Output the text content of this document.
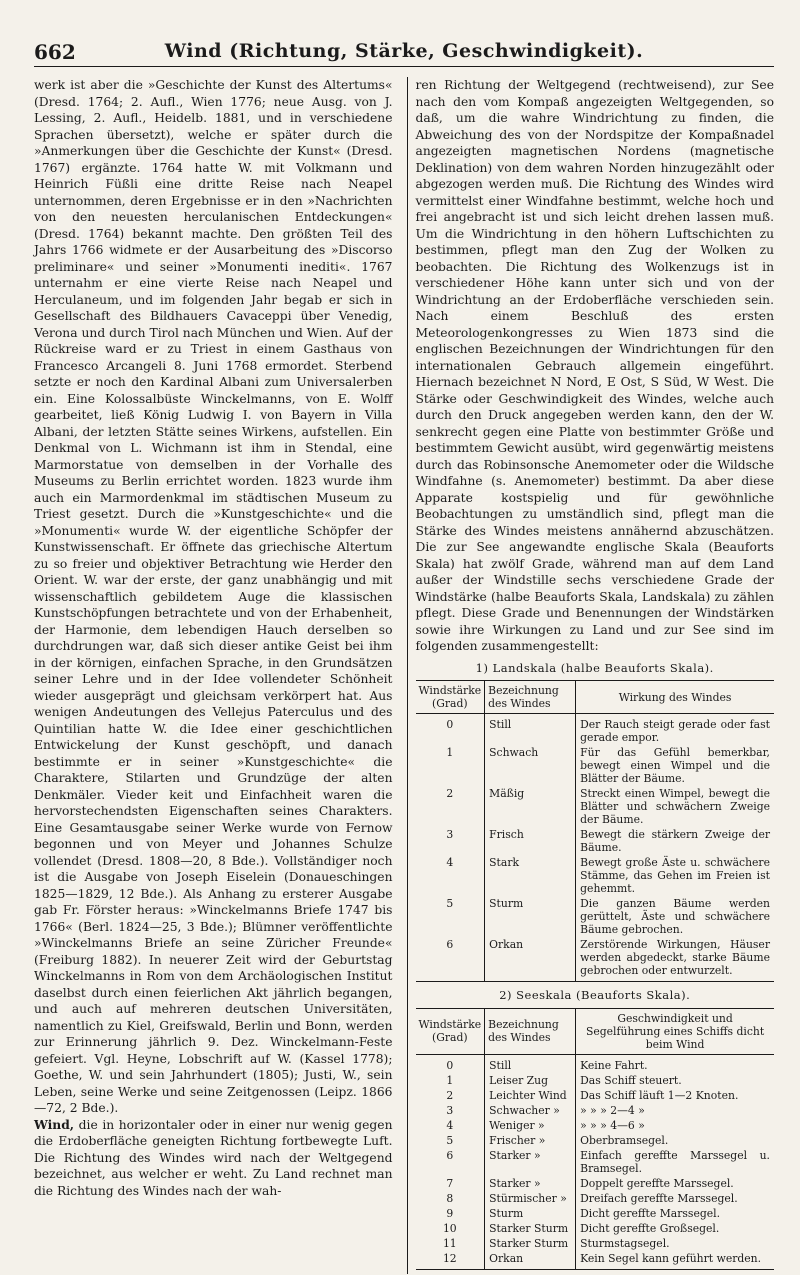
662	Wind (Richtung, Stärke, Geschwindigkeit).

werk ist aber die »Geschichte der Kunst des Altertums« (Dresd. 1764; 2. Aufl., Wien 1776; neue Ausg. von J. Lessing, 2. Aufl., Heidelb. 1881, und in verschiedene Sprachen übersetzt), welche er später durch die »Anmerkungen über die Geschichte der Kunst« (Dresd. 1767) ergänzte. 1764 hatte W. mit Volkmann und Heinrich Füßli eine dritte Reise nach Neapel unternommen, deren Ergebnisse er in den »Nachrichten von den neuesten herculanischen Entdeckungen« (Dresd. 1764) bekannt machte. Den größten Teil des Jahrs 1766 widmete er der Ausarbeitung des »Discorso preliminare« und seiner »Monumenti inediti«. 1767 unternahm er eine vierte Reise nach Neapel und Herculaneum, und im folgenden Jahr begab er sich in Gesellschaft des Bildhauers Cavaceppi über Venedig, Verona und durch Tirol nach München und Wien. Auf der Rückreise ward er zu Triest in einem Gasthaus von Francesco Arcangeli 8. Juni 1768 ermordet. Sterbend setzte er noch den Kardinal Albani zum Universalerben ein. Eine Kolossalbüste Winckelmanns, von E. Wolff gearbeitet, ließ König Ludwig I. von Bayern in Villa Albani, der letzten Stätte seines Wirkens, aufstellen. Ein Denkmal von L. Wichmann ist ihm in Stendal, eine Marmorstatue von demselben in der Vorhalle des Museums zu Berlin errichtet worden. 1823 wurde ihm auch ein Marmordenkmal im städtischen Museum zu Triest gesetzt. Durch die »Kunstgeschichte« und die »Monumenti« wurde W. der eigentliche Schöpfer der Kunstwissenschaft. Er öffnete das griechische Altertum zu so freier und objektiver Betrachtung wie Herder den Orient. W. war der erste, der ganz unabhängig und mit wissenschaftlich gebildetem Auge die klassischen Kunstschöpfungen betrachtete und von der Erhabenheit, der Harmonie, dem lebendigen Hauch derselben so durchdrungen war, daß sich dieser antike Geist bei ihm in der körnigen, einfachen Sprache, in den Grundsätzen seiner Lehre und in der Idee vollendeter Schönheit wieder ausgeprägt und gleichsam verkörpert hat. Aus wenigen Andeutungen des Vellejus Paterculus und des Quintilian hatte W. die Idee einer geschichtlichen Entwickelung der Kunst geschöpft, und danach bestimmte er in seiner »Kunstgeschichte« die Charaktere, Stilarten und Grundzüge der alten Denkmäler. Vieder keit und Einfachheit waren die hervorstechendsten Eigenschaften seines Charakters. Eine Gesamtausgabe seiner Werke wurde von Fernow begonnen und von Meyer und Johannes Schulze vollendet (Dresd. 1808—20, 8 Bde.). Vollständiger noch ist die Ausgabe von Joseph Eiselein (Donaueschingen 1825—1829, 12 Bde.). Als Anhang zu ersterer Ausgabe gab Fr. Förster heraus: »Winckelmanns Briefe 1747 bis 1766« (Berl. 1824—25, 3 Bde.); Blümner veröffentlichte »Winckelmanns Briefe an seine Züricher Freunde« (Freiburg 1882). In neuerer Zeit wird der Geburtstag Winckelmanns in Rom von dem Archäologischen Institut daselbst durch einen feierlichen Akt jährlich begangen, und auch auf mehreren deutschen Universitäten, namentlich zu Kiel, Greifswald, Berlin und Bonn, werden zur Erinnerung jährlich 9. Dez. Winckelmann-Feste gefeiert. Vgl. Heyne, Lobschrift auf W. (Kassel 1778); Goethe, W. und sein Jahrhundert (1805); Justi, W., sein Leben, seine Werke und seine Zeitgenossen (Leipz. 1866—72, 2 Bde.).

Wind, die in horizontaler oder in einer nur wenig gegen die Erdoberfläche geneigten Richtung fortbewegte Luft. Die Richtung des Windes wird nach der Weltgegend bezeichnet, aus welcher er weht. Zu Land rechnet man die Richtung des Windes nach der wah-

ren Richtung der Weltgegend (rechtweisend), zur See nach den vom Kompaß angezeigten Weltgegenden, so daß, um die wahre Windrichtung zu finden, die Abweichung des von der Nordspitze der Kompaßnadel angezeigten magnetischen Nordens (magnetische Deklination) von dem wahren Norden hinzugezählt oder abgezogen werden muß. Die Richtung des Windes wird vermittelst einer Windfahne bestimmt, welche hoch und frei angebracht ist und sich leicht drehen lassen muß. Um die Windrichtung in den höhern Luftschichten zu bestimmen, pflegt man den Zug der Wolken zu beobachten. Die Richtung des Wolkenzugs ist in verschiedener Höhe kann unter sich und von der Windrichtung an der Erdoberfläche verschieden sein. Nach einem Beschluß des ersten Meteorologenkongresses zu Wien 1873 sind die englischen Bezeichnungen der Windrichtungen für den internationalen Gebrauch allgemein eingeführt. Hiernach bezeichnet N Nord, E Ost, S Süd, W West. Die Stärke oder Geschwindigkeit des Windes, welche auch durch den Druck angegeben werden kann, den der W. senkrecht gegen eine Platte von bestimmter Größe und bestimmtem Gewicht ausübt, wird gegenwärtig meistens durch das Robinsonsche Anemometer oder die Wildsche Windfahne (s. Anemometer) bestimmt. Da aber diese Apparate kostspielig und für gewöhnliche Beobachtungen zu umständlich sind, pflegt man die Stärke des Windes meistens annähernd abzuschätzen. Die zur See angewandte englische Skala (Beauforts Skala) hat zwölf Grade, während man auf dem Land außer der Windstille sechs verschiedene Grade der Windstärke (halbe Beauforts Skala, Landskala) zu zählen pflegt. Diese Grade und Benennungen der Windstärken sowie ihre Wirkungen zu Land und zur See sind im folgenden zusammengestellt:

1) Landskala (halbe Beauforts Skala).
Windstärke (Grad)	Bezeichnung des Windes	Wirkung des Windes
0	Still	Der Rauch steigt gerade oder fast gerade empor.
1	Schwach	Für das Gefühl bemerkbar, bewegt einen Wimpel und die Blätter der Bäume.
2	Mäßig	Streckt einen Wimpel, bewegt die Blätter und schwächern Zweige der Bäume.
3	Frisch	Bewegt die stärkern Zweige der Bäume.
4	Stark	Bewegt große Äste u. schwächere Stämme, das Gehen im Freien ist gehemmt.
5	Sturm	Die ganzen Bäume werden gerüttelt, Äste und schwächere Bäume gebrochen.
6	Orkan	Zerstörende Wirkungen, Häuser werden abgedeckt, starke Bäume gebrochen oder entwurzelt.
2) Seeskala (Beauforts Skala).
Windstärke (Grad)	Bezeichnung des Windes	Geschwindigkeit und Segelführung eines Schiffs dicht beim Wind
0	Still	Keine Fahrt.
1	Leiser Zug	Das Schiff steuert.
2	Leichter Wind	Das Schiff läuft 1—2 Knoten.
3	Schwacher »	» » » 2—4 »
4	Weniger »	» » » 4—6 »
5	Frischer »	Oberbramsegel.
6	Starker »	Einfach gereffte Marssegel u. Bramsegel.
7	Starker »	Doppelt gereffte Marssegel.
8	Stürmischer »	Dreifach gereffte Marssegel.
9	Sturm	Dicht gereffte Marssegel.
10	Starker Sturm	Dicht gereffte Großsegel.
11	Starker Sturm	Sturmstagsegel.
12	Orkan	Kein Segel kann geführt werden.
